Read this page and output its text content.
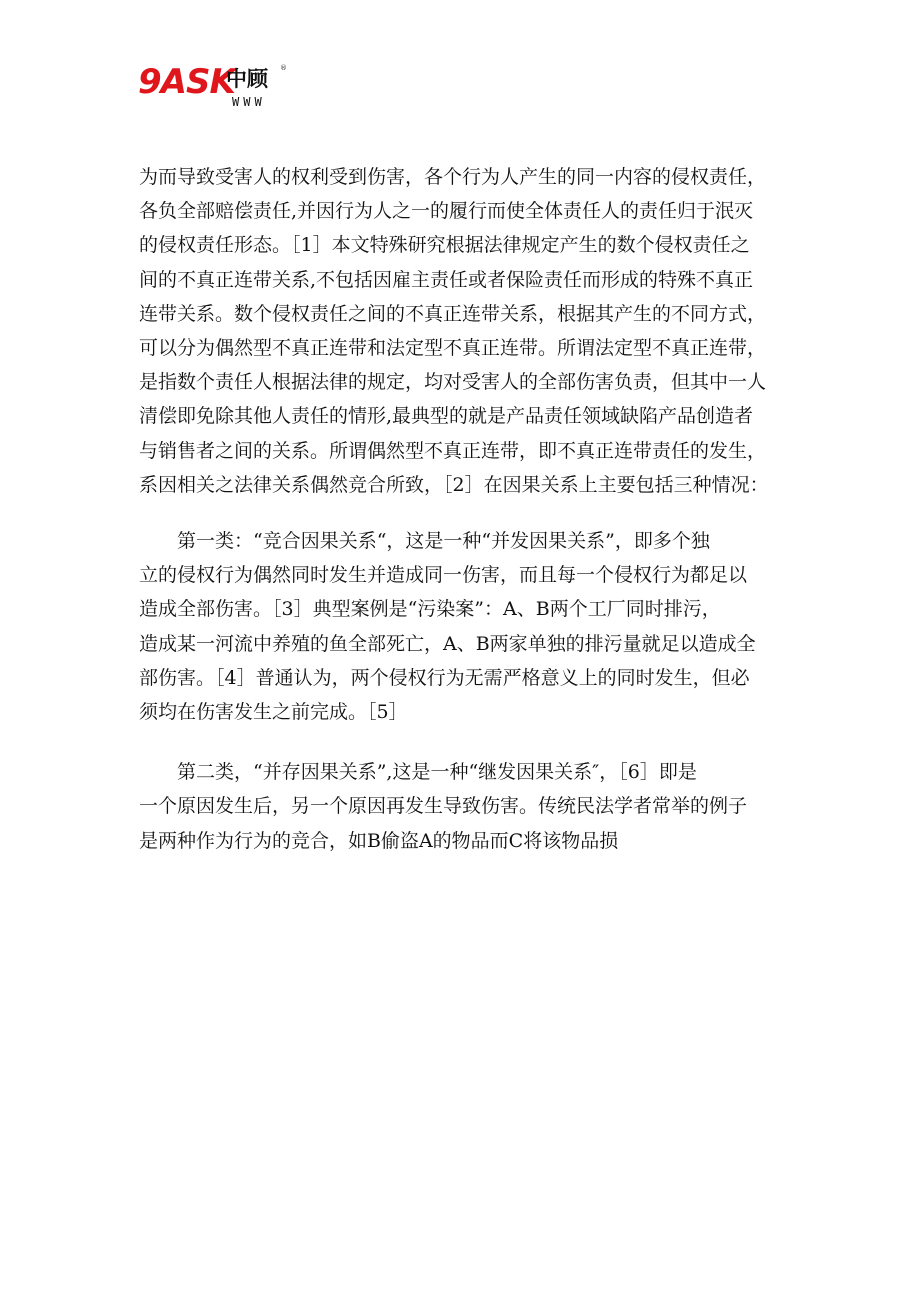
9ASK
中顾 ®
WWW

为而导致受害人的权利受到伤害，各个行为人产生的同一内容的侵权责任，
各负全部赔偿责任,并因行为人之一的履行而使全体责任人的责任归于泯灭
的侵权责任形态。［1］本文特殊研究根据法律规定产生的数个侵权责任之
间的不真正连带关系,不包括因雇主责任或者保险责任而形成的特殊不真正
连带关系。数个侵权责任之间的不真正连带关系，根据其产生的不同方式，
可以分为偶然型不真正连带和法定型不真正连带。所谓法定型不真正连带，
是指数个责任人根据法律的规定，均对受害人的全部伤害负责，但其中一人
清偿即免除其他人责任的情形,最典型的就是产品责任领域缺陷产品创造者
与销售者之间的关系。所谓偶然型不真正连带，即不真正连带责任的发生，
系因相关之法律关系偶然竞合所致，［2］在因果关系上主要包括三种情况：

第一类：“竞合因果关系“，这是一种“并发因果关系”，即多个独
立的侵权行为偶然同时发生并造成同一伤害，而且每一个侵权行为都足以
造成全部伤害。［3］典型案例是“污染案”：A、B两个工厂同时排污，
造成某一河流中养殖的鱼全部死亡，A、B两家单独的排污量就足以造成全
部伤害。［4］普通认为，两个侵权行为无需严格意义上的同时发生，但必
须均在伤害发生之前完成。［5］

第二类，“并存因果关系”,这是一种“继发因果关系″，［6］即是
一个原因发生后，另一个原因再发生导致伤害。传统民法学者常举的例子
是两种作为行为的竞合，如B偷盗A的物品而C将该物品损
